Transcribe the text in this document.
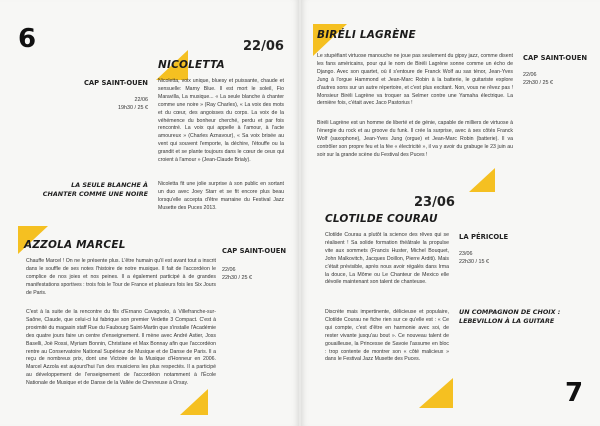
6	22/06
NICOLETTA
CAP SAINT-OUEN
22/06
19h30 / 25 €
Nicoletta, voix unique, bluesy et puissante, chaude et sensuelle: Marny Blue. Il est mort le soleil, Fio Maravilla, La musique... « La seule blanche à chanter comme une noire » (Ray Charles), « La voix des mots et du cœur, des angoisses du corps. La voix de la véhémence du bonheur cherché, perdu et par fois rencontré. La voix qui appelle à l'amour, à l'acte amoureux » (Charles Aznavour), « Sa voix brisée au vent qui souvent l'emporte, la déchire, l'étouffe ou la grandit et se plante toujours dans le cœur de ceux qui croient à l'amour » (Jean-Claude Brialy).
Nicoletta fit une jolie surprise à son public en sortant un duo avec Joey Starr et se fit encore plus beau lorsqu'elle accepta d'être marraine du Festival Jazz Musette des Puces 2013.
LA SEULE BLANCHE À CHANTER COMME UNE NOIRE
AZZOLA MARCEL	CAP SAINT-OUEN
22/06
22h30 / 25 €
Chauffe Marcel ! On ne le présente plus. L'être humain qu'il est avant tout a inscrit dans le souffle de ses notes l'histoire de notre musique. Il fait de l'accordéon le complice de nos joies et nos peines. Il a également participé à de grandes manifestations sportives : trois fois le Tour de France et plusieurs fois les Six Jours de Paris.
C'est à la suite de la rencontre du fils d'Ernano Cavagnolo, à Villefranche-sur-Saône, Claude, que celui-ci lui fabrique son premier Vedette 3 Compact. C'est à proximité du magasin staff Rue du Faubourg Saint-Martin que s'installe l'Académie des quatre jours faire un centre d'enseignement. Il mène avec André Astier, Joss Baselli, Joë Rossi, Myriam Bonnin, Christiane et Max Bonnay afin que l'accordéon rentre au Conservatoire National Supérieur de Musique et de Danse de Paris. Il a reçu de nombreux prix, dont une Victoire de la Musique d'Honneur en 2006. Marcel Azzola est aujourd'hui l'un des musiciens les plus respectés. Il a participé au développement de l'enseignement de l'accordéon notamment à l'École Nationale de Musique et de Danse de la Vallée de Chevreuse à Orsay.
BIRÉLI LAGRÈNE
CAP SAINT-OUEN
22/06
22h30 / 25 €
Le stupéfiant virtuose manouche ne joue pas seulement du gipsy jazz, comme disent les fans américains, pour qui le nom de Biréli Lagrène sonne comme un écho de Django. Avec son quartet, où il s'entoure de Franck Wolf au sax ténor, Jean-Yves Jung à l'orgue Hammond et Jean-Marc Robin à la batterie, le guitariste explore d'autres sons sur un autre répertoire, et c'est plus excitant. Non, vous ne rêvez pas ! Monsieur Biréli Lagrène va troquer sa Selmer contre une Yamaha électrique. La dernière fois, c'était avec Jaco Pastorius !
Biréli Lagrène est un homme de liberté et de génie, capable de milliers de virtuose à l'énergie du rock et au groove du funk. Il crée la surprise, avec à ses côtés Franck Wolf (saxophone), Jean-Yves Jung (orgue) et Jean-Marc Robin (batterie). Il va contrôler son propre feu et la fée « électricité », il va y avoir du grabuge le 23 juin au soir sur la grande scène du Festival des Puces !
23/06
CLOTILDE COURAU
LA PÉRICOLE
23/06
22h30 / 15 €
Clotilde Courau a plutôt la science des rêves qui se réalisent ! Sa solide formation théâtrale la propulse vite aux sommets (Francis Huster, Michel Bouquet, John Malkovitch, Jacques Doillon, Pierre Arditi). Mais c'était prévisible, après nous avoir régalés dans Irma la douce, La Môme ou Le Chanteur de Mexico elle dévoile maintenant son talent de chanteuse.
Discrète mais impertinente, délicieuse et populaire, Clotilde Courau ne fiche rien sur ce qu'elle est : « Ce qui compte, c'est d'être en harmonie avec soi, de rester vivante jusqu'au bout ». Ce nouveau talent de gouailleuse, la Princesse de Savoie l'assume en bloc : trop contente de montrer son « côté malicieux » dans le Festival Jazz Musette des Puces.
UN COMPAGNON DE CHOIX : LEBEVILLON À LA GUITARE
7
